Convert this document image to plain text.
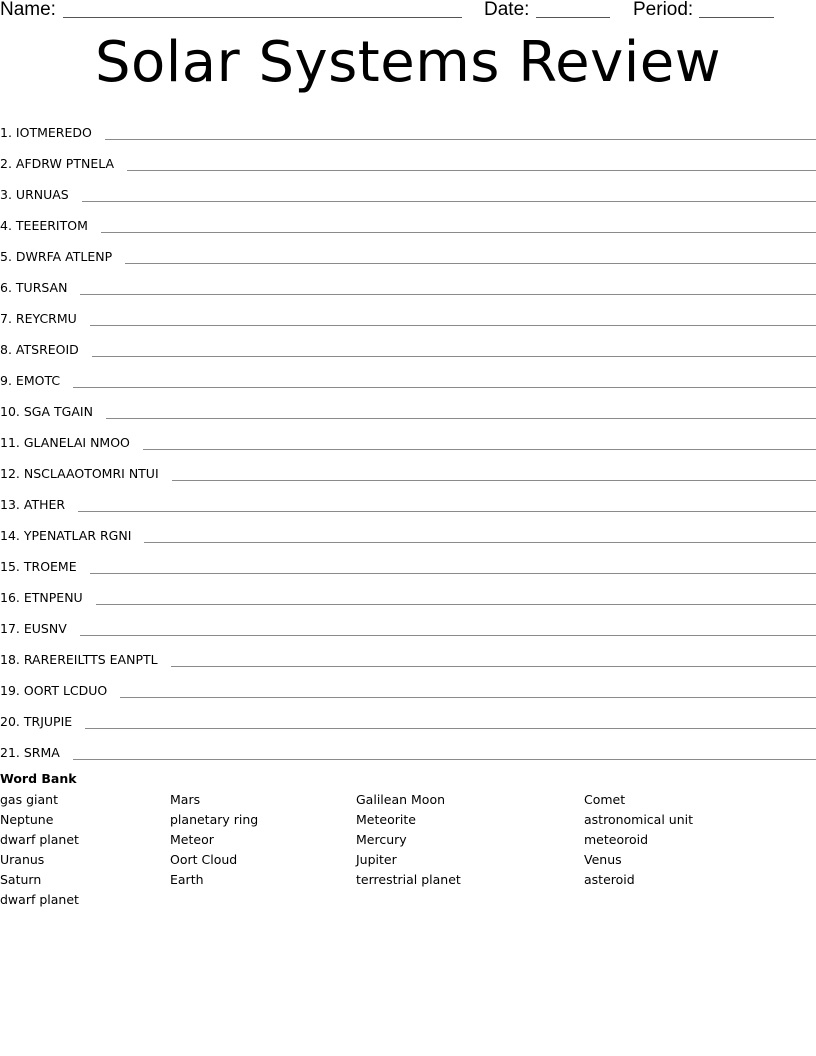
Name:	Date:	Period:
Solar Systems Review
1. IOTMEREDO
2. AFDRW PTNELA
3. URNUAS
4. TEEERITOM
5. DWRFA ATLENP
6. TURSAN
7. REYCRMU
8. ATSREOID
9. EMOTC
10. SGA TGAIN
11. GLANELAI NMOO
12. NSCLAAOTOMRI NTUI
13. ATHER
14. YPENATLAR RGNI
15. TROEME
16. ETNPENU
17. EUSNV
18. RAREREILTTS EANPTL
19. OORT LCDUO
20. TRJUPIE
21. SRMA
Word Bank
gas giant
Neptune
dwarf planet
Uranus
Saturn
dwarf planet
Mars
planetary ring
Meteor
Oort Cloud
Earth
Galilean Moon
Meteorite
Mercury
Jupiter
terrestrial planet
Comet
astronomical unit
meteoroid
Venus
asteroid
